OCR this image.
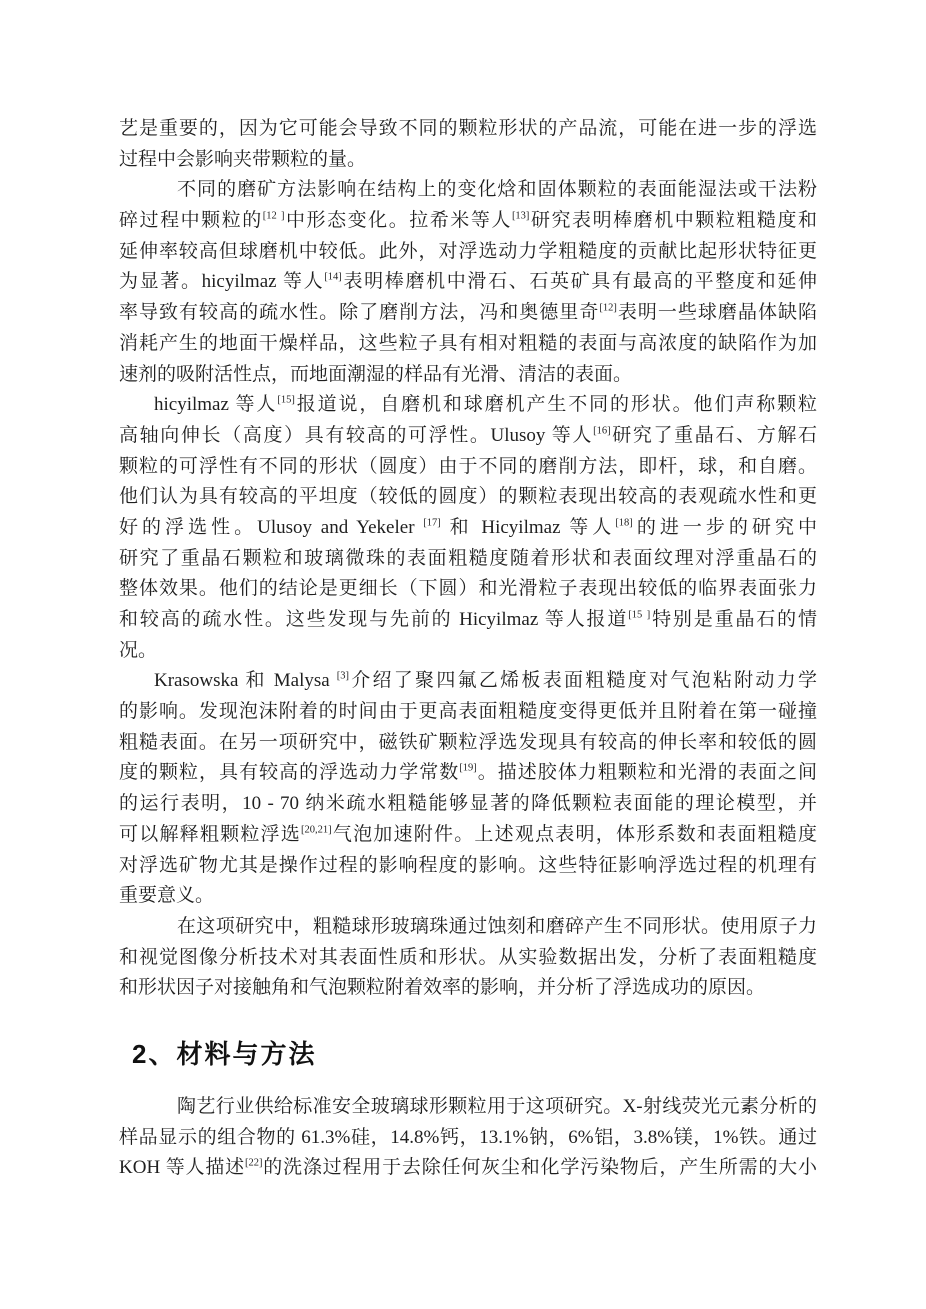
艺是重要的，因为它可能会导致不同的颗粒形状的产品流，可能在进一步的浮选
过程中会影响夹带颗粒的量。
不同的磨矿方法影响在结构上的变化焓和固体颗粒的表面能湿法或干法粉
碎过程中颗粒的[12 ]中形态变化。拉希米等人[13]研究表明棒磨机中颗粒粗糙度和
延伸率较高但球磨机中较低。此外，对浮选动力学粗糙度的贡献比起形状特征更
为显著。hicyilmaz 等人[14]表明棒磨机中滑石、石英矿具有最高的平整度和延伸
率导致有较高的疏水性。除了磨削方法，冯和奥德里奇[12]表明一些球磨晶体缺陷
消耗产生的地面干燥样品，这些粒子具有相对粗糙的表面与高浓度的缺陷作为加
速剂的吸附活性点，而地面潮湿的样品有光滑、清洁的表面。
hicyilmaz 等人[15]报道说，自磨机和球磨机产生不同的形状。他们声称颗粒
高轴向伸长（高度）具有较高的可浮性。Ulusoy 等人[16]研究了重晶石、方解石
颗粒的可浮性有不同的形状（圆度）由于不同的磨削方法，即杆，球，和自磨。
他们认为具有较高的平坦度（较低的圆度）的颗粒表现出较高的表观疏水性和更
好的浮选性。Ulusoy and Yekeler [17] 和 Hicyilmaz 等人[18]的进一步的研究中
研究了重晶石颗粒和玻璃微珠的表面粗糙度随着形状和表面纹理对浮重晶石的
整体效果。他们的结论是更细长（下圆）和光滑粒子表现出较低的临界表面张力
和较高的疏水性。这些发现与先前的 Hicyilmaz 等人报道[15 ]特别是重晶石的情
况。
Krasowska 和 Malysa [3]介绍了聚四氟乙烯板表面粗糙度对气泡粘附动力学
的影响。发现泡沫附着的时间由于更高表面粗糙度变得更低并且附着在第一碰撞
粗糙表面。在另一项研究中，磁铁矿颗粒浮选发现具有较高的伸长率和较低的圆
度的颗粒，具有较高的浮选动力学常数[19]。描述胶体力粗颗粒和光滑的表面之间
的运行表明，10 - 70 纳米疏水粗糙能够显著的降低颗粒表面能的理论模型，并
可以解释粗颗粒浮选[20,21]气泡加速附件。上述观点表明，体形系数和表面粗糙度
对浮选矿物尤其是操作过程的影响程度的影响。这些特征影响浮选过程的机理有
重要意义。
在这项研究中，粗糙球形玻璃珠通过蚀刻和磨碎产生不同形状。使用原子力
和视觉图像分析技术对其表面性质和形状。从实验数据出发，分析了表面粗糙度
和形状因子对接触角和气泡颗粒附着效率的影响，并分析了浮选成功的原因。
2、材料与方法
陶艺行业供给标准安全玻璃球形颗粒用于这项研究。X-射线荧光元素分析的
样品显示的组合物的 61.3%硅，14.8%钙，13.1%钠，6%铝，3.8%镁，1%铁。通过
KOH 等人描述[22]的洗涤过程用于去除任何灰尘和化学污染物后，产生所需的大小
